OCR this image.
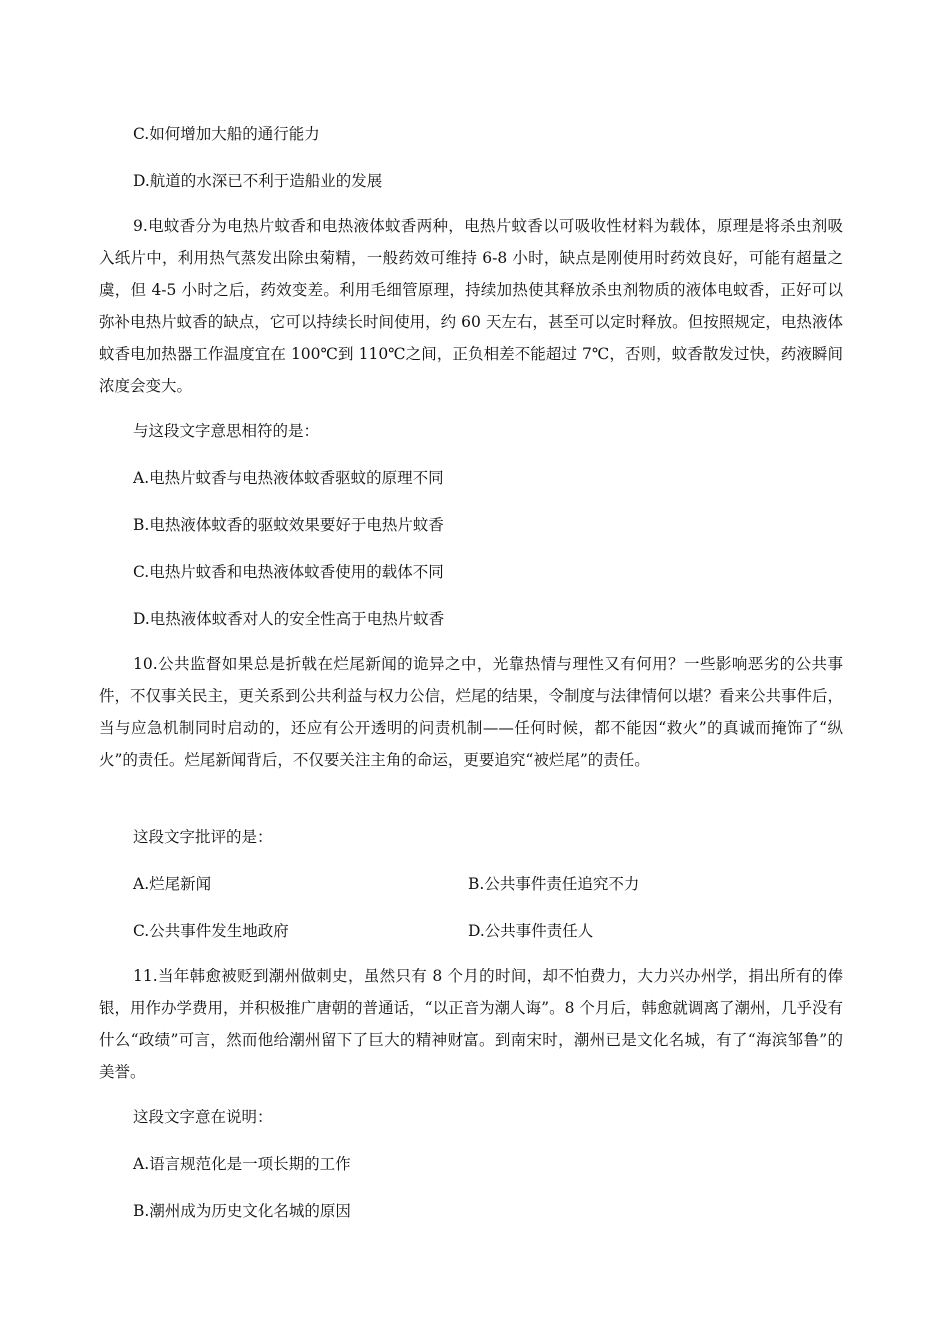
C.如何增加大船的通行能力
D.航道的水深已不利于造船业的发展
9.电蚊香分为电热片蚊香和电热液体蚊香两种，电热片蚊香以可吸收性材料为载体，原理是将杀虫剂吸入纸片中，利用热气蒸发出除虫菊精，一般药效可维持 6-8 小时，缺点是刚使用时药效良好，可能有超量之虞，但 4-5 小时之后，药效变差。利用毛细管原理，持续加热使其释放杀虫剂物质的液体电蚊香，正好可以弥补电热片蚊香的缺点，它可以持续长时间使用，约 60 天左右，甚至可以定时释放。但按照规定，电热液体蚊香电加热器工作温度宜在 100℃到 110℃之间，正负相差不能超过 7℃，否则，蚊香散发过快，药液瞬间浓度会变大。
与这段文字意思相符的是：
A.电热片蚊香与电热液体蚊香驱蚊的原理不同
B.电热液体蚊香的驱蚊效果要好于电热片蚊香
C.电热片蚊香和电热液体蚊香使用的载体不同
D.电热液体蚊香对人的安全性高于电热片蚊香
10.公共监督如果总是折戟在烂尾新闻的诡异之中，光靠热情与理性又有何用？一些影响恶劣的公共事件，不仅事关民主，更关系到公共利益与权力公信，烂尾的结果，令制度与法律情何以堪？看来公共事件后，当与应急机制同时启动的，还应有公开透明的问责机制——任何时候，都不能因“救火”的真诚而掩饰了“纵火”的责任。烂尾新闻背后，不仅要关注主角的命运，更要追究“被烂尾”的责任。
这段文字批评的是：
A.烂尾新闻	B.公共事件责任追究不力
C.公共事件发生地政府	D.公共事件责任人
11.当年韩愈被贬到潮州做刺史，虽然只有 8 个月的时间，却不怕费力，大力兴办州学，捐出所有的俸银，用作办学费用，并积极推广唐朝的普通话，“以正音为潮人诲”。8 个月后，韩愈就调离了潮州，几乎没有什么“政绩”可言，然而他给潮州留下了巨大的精神财富。到南宋时，潮州已是文化名城，有了“海滨邹鲁”的美誉。
这段文字意在说明：
A.语言规范化是一项长期的工作
B.潮州成为历史文化名城的原因
